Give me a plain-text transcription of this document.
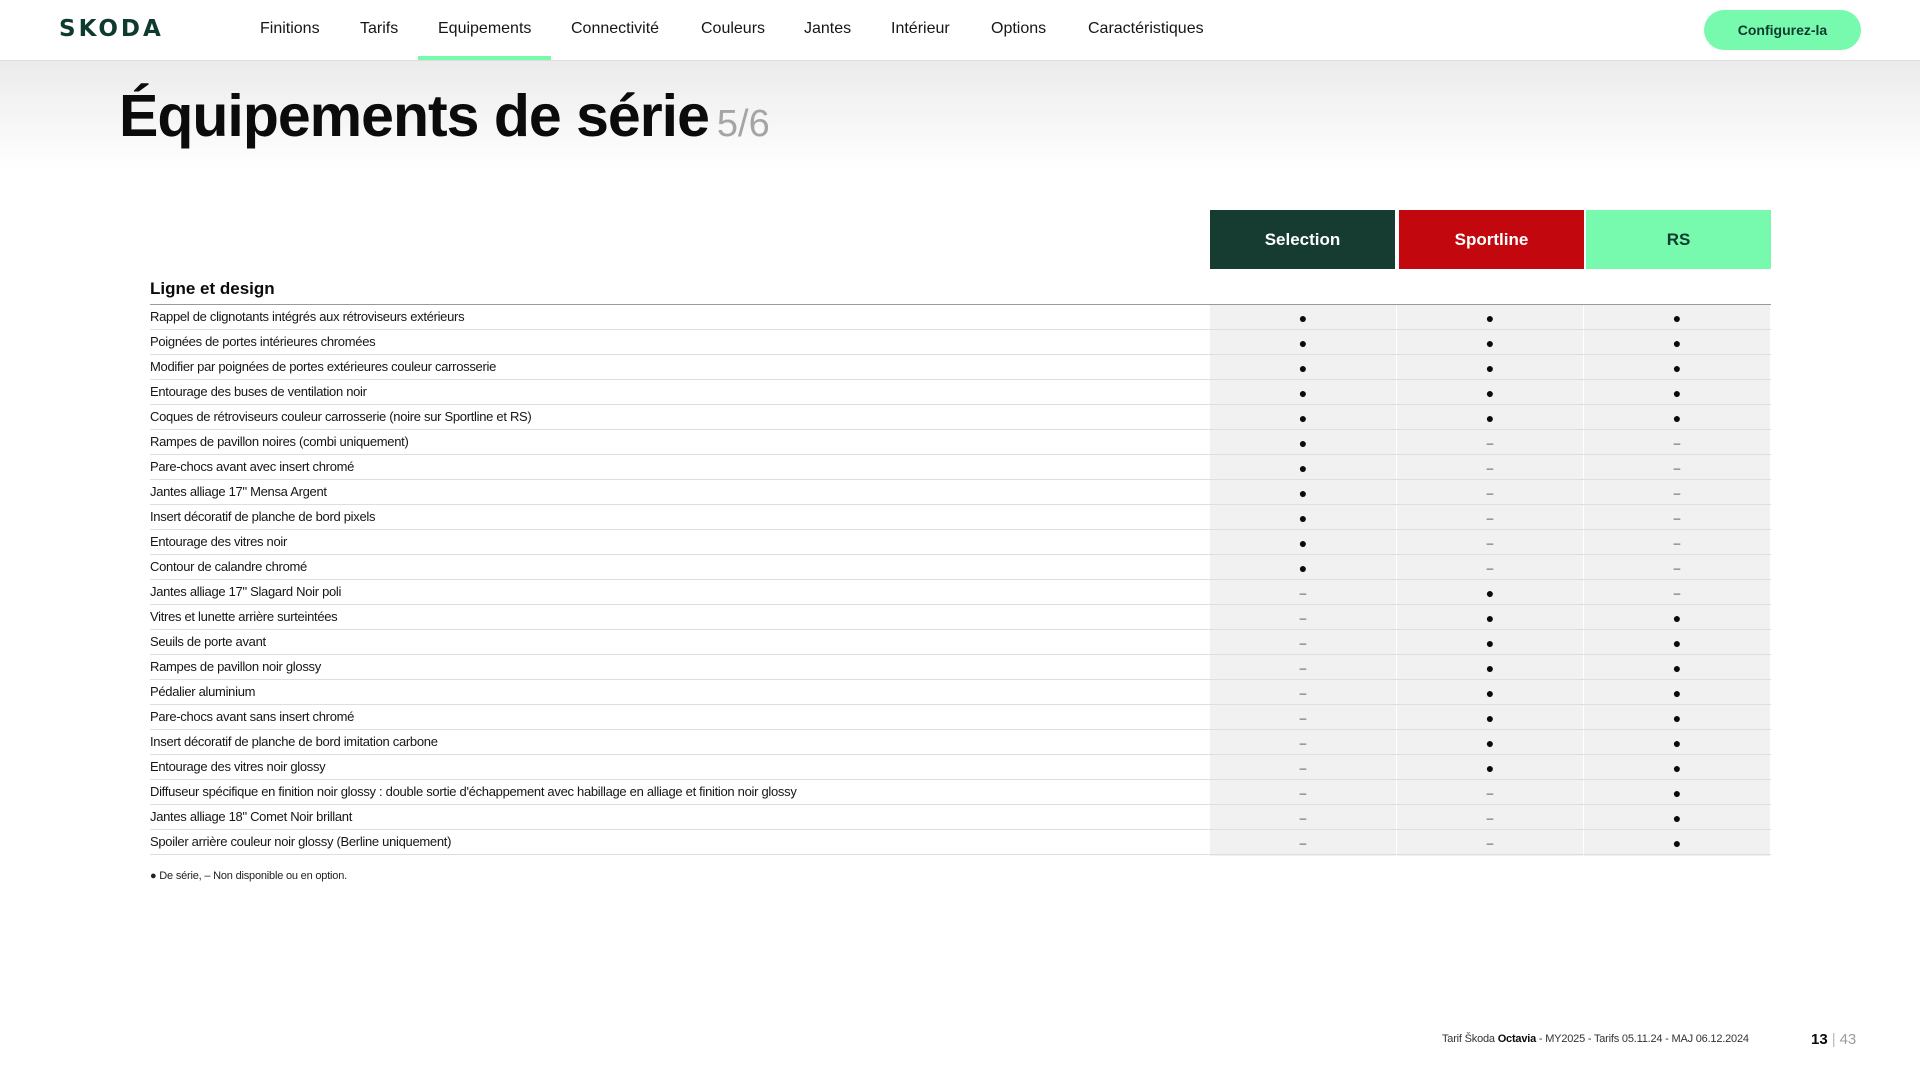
SKODA	Finitions	Tarifs Equipements Connectivité	Couleurs Jantes Intérieur	Options	Caractéristiques	Configurez-la
Équipements de série 5/6
Selection	Sportline	RS
Ligne et design
Rappel de clignotants intégrés aux rétroviseurs extérieurs	●	●	●
Poignées de portes intérieures chromées	●	●	●
Modifier par poignées de portes extérieures couleur carrosserie	●	●	●
Entourage des buses de ventilation noir	●	●	●
Coques de rétroviseurs couleur carrosserie (noire sur Sportline et RS)	●	●	●
Rampes de pavillon noires (combi uniquement)	●	–	–
Pare-chocs avant avec insert chromé	●	–	–
Jantes alliage 17" Mensa Argent	●	–	–
Insert décoratif de planche de bord pixels	●	–	–
Entourage des vitres noir	●	–	–
Contour de calandre chromé	●	–	–
Jantes alliage 17" Slagard Noir poli	–	●	–
Vitres et lunette arrière surteintées	–	●	●
Seuils de porte avant	–	●	●
Rampes de pavillon noir glossy	–	●	●
Pédalier aluminium	–	●	●
Pare-chocs avant sans insert chromé	–	●	●
Insert décoratif de planche de bord imitation carbone	–	●	●
Entourage des vitres noir glossy	–	●	●
Diffuseur spécifique en finition noir glossy : double sortie d'échappement avec habillage en alliage et finition noir glossy	–	–	●
Jantes alliage 18" Comet Noir brillant	–	–	●
Spoiler arrière couleur noir glossy (Berline uniquement)	–	–	●
● De série, – Non disponible ou en option.
Tarif Škoda Octavia - MY2025 - Tarifs 05.11.24 - MAJ 06.12.2024	13 | 43
